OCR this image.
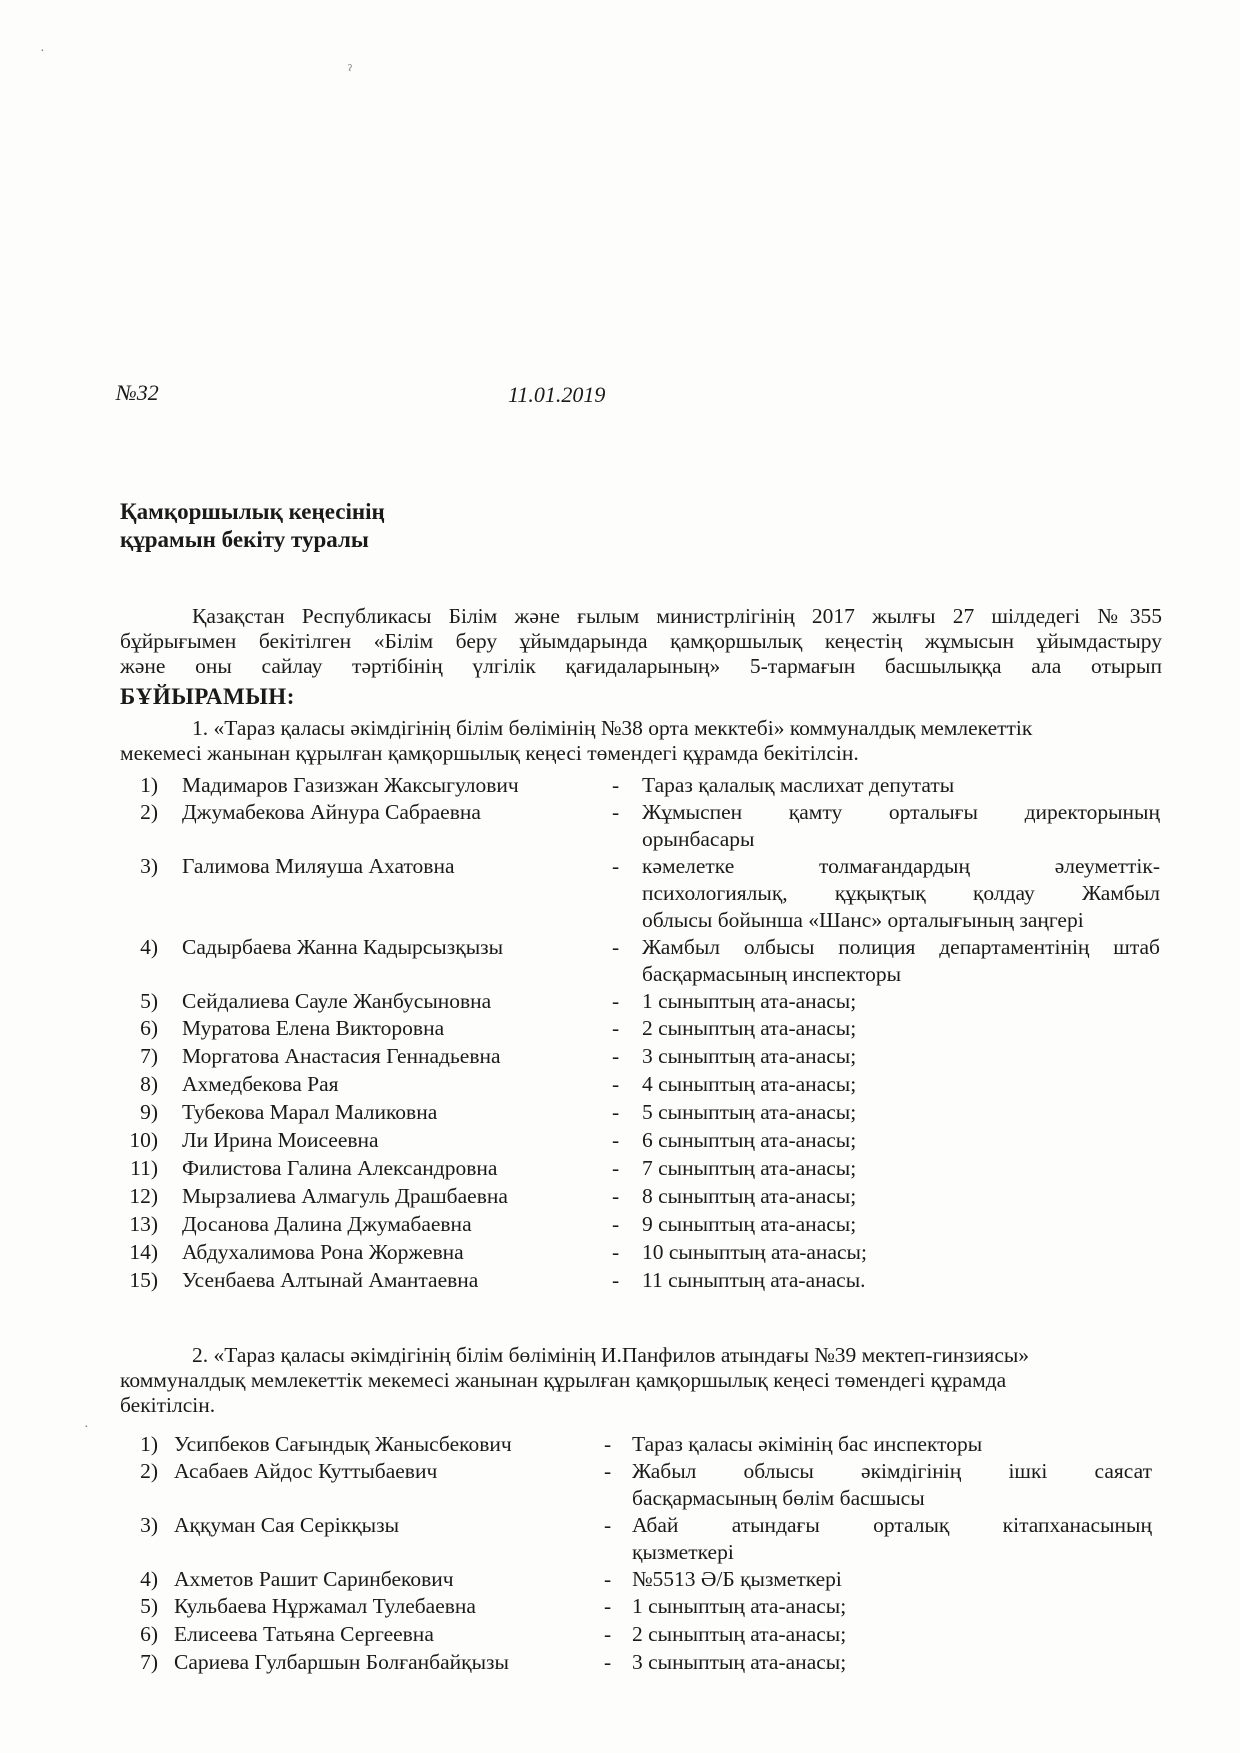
·
ˀ
·
№32	11.01.2019
Қамқоршылық кеңесінің
құрамын бекіту туралы
Қазақстан Республикасы Білім және ғылым министрлігінің 2017 жылғы 27 шілдедегі №355
бұйрығымен бекітілген «Білім беру ұйымдарында қамқоршылық кеңестің жұмысын ұйымдастыру
және оны сайлау тәртібінің үлгілік қағидаларының» 5-тармағын басшылыққа ала отырып
БҰЙЫРАМЫН:
1. «Тараз қаласы әкімдігінің білім бөлімінің №38 орта мекктебі» коммуналдық мемлекеттік
мекемесі жанынан құрылған қамқоршылық кеңесі төмендегі құрамда бекітілсін.
1) Мадимаров Газизжан Жаксыгулович	- Тараз қалалық маслихат депутаты
2) Джумабекова Айнура Сабраевна	- Жұмыспен қамту орталығы директорының
орынбасары
3) Галимова Миляуша Ахатовна	- кәмелетке толмағандардың әлеуметтік-
психологиялық, құқықтық қолдау Жамбыл
облысы бойынша «Шанс» орталығының заңгері
4) Садырбаева Жанна Кадырсызқызы	- Жамбыл олбысы полиция департаментінің штаб
басқармасының инспекторы
5) Сейдалиева Сауле Жанбусыновна	- 1 сыныптың ата-анасы;
6) Муратова Елена Викторовна	- 2 сыныптың ата-анасы;
7) Моргатова Анастасия Геннадьевна	- 3 сыныптың ата-анасы;
8) Ахмедбекова Рая	- 4 сыныптың ата-анасы;
9) Тубекова Марал Маликовна	- 5 сыныптың ата-анасы;
10) Ли Ирина Моисеевна	- 6 сыныптың ата-анасы;
11) Филистова Галина Александровна	- 7 сыныптың ата-анасы;
12) Мырзалиева Алмагуль Драшбаевна	- 8 сыныптың ата-анасы;
13) Досанова Далина Джумабаевна	- 9 сыныптың ата-анасы;
14) Абдухалимова Рона Жоржевна	- 10 сыныптың ата-анасы;
15) Усенбаева Алтынай Амантаевна	- 11 сыныптың ата-анасы.
2. «Тараз қаласы әкімдігінің білім бөлімінің И.Панфилов атындағы №39 мектеп-гинзиясы»
коммуналдық мемлекеттік мекемесі жанынан құрылған қамқоршылық кеңесі төмендегі құрамда
бекітілсін.
1) Усипбеков Сағындық Жанысбекович	- Тараз қаласы әкімінің бас инспекторы
2) Асабаев Айдос Куттыбаевич	- Жабыл облысы әкімдігінің ішкі саясат
басқармасының бөлім басшысы
3) Аққуман Сая Серікқызы	- Абай атындағы орталық кітапханасының
қызметкері
4) Ахметов Рашит Саринбекович	- №5513 Ә/Б қызметкері
5) Кульбаева Нұржамал Тулебаевна	- 1 сыныптың ата-анасы;
6) Елисеева Татьяна Сергеевна	- 2 сыныптың ата-анасы;
7) Сариева Гулбаршын Болғанбайқызы	- 3 сыныптың ата-анасы;
